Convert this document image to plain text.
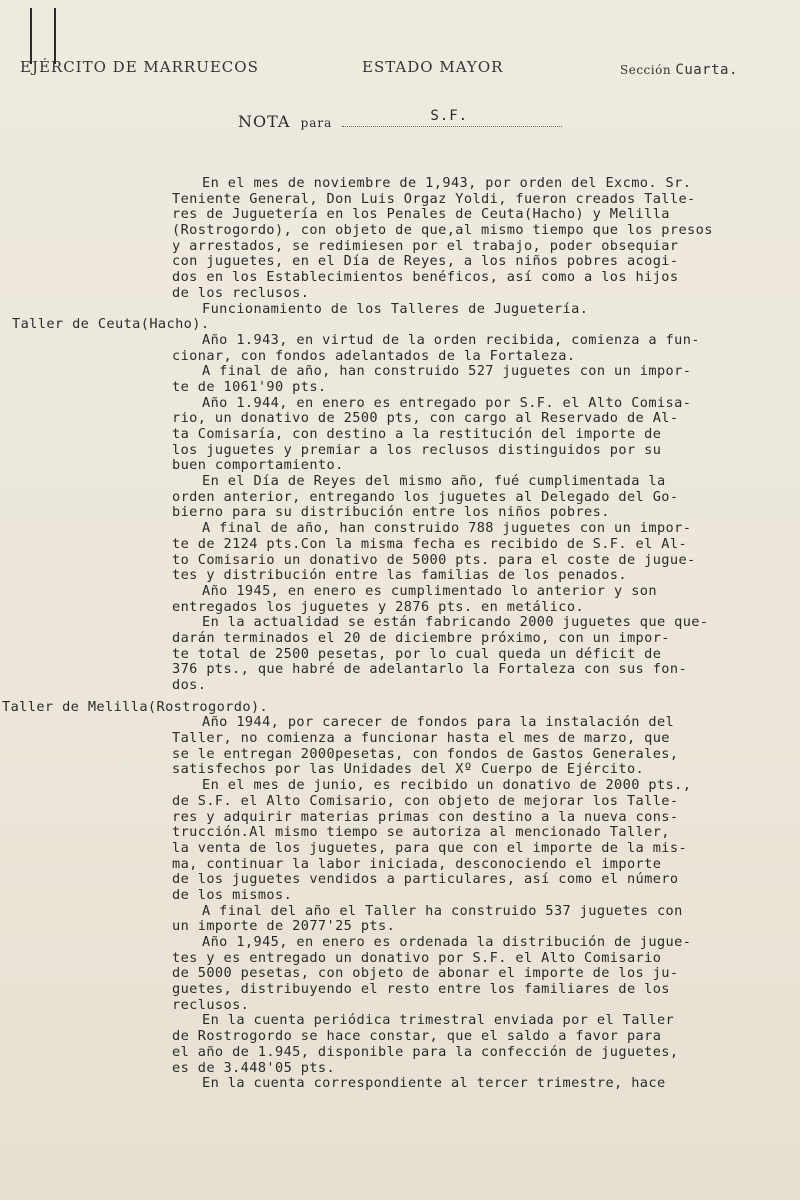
EJÉRCITO DE MARRUECOS	ESTADO MAYOR	Sección Cuarta.
NOTA para	S.F.
En el mes de noviembre de 1,943, por orden del Excmo. Sr.
Teniente General, Don Luis Orgaz Yoldi, fueron creados Talle-
res de Juguetería en los Penales de Ceuta(Hacho) y Melilla
(Rostrogordo), con objeto de que,al mismo tiempo que los presos
y arrestados, se redimiesen por el trabajo, poder obsequiar
con juguetes, en el Día de Reyes, a los niños pobres acogi-
dos en los Establecimientos benéficos, así como a los hijos
de los reclusos.
Funcionamiento de los Talleres de Juguetería.
Taller de Ceuta(Hacho).
Año 1.943, en virtud de la orden recibida, comienza a fun-
cionar, con fondos adelantados de la Fortaleza.
A final de año, han construido 527 juguetes con un impor-
te de 1061'90 pts.
Año 1.944, en enero es entregado por S.F. el Alto Comisa-
rio, un donativo de 2500 pts, con cargo al Reservado de Al-
ta Comisaría, con destino a la restitución del importe de
los juguetes y premiar a los reclusos distinguidos por su
buen comportamiento.
En el Día de Reyes del mismo año, fué cumplimentada la
orden anterior, entregando los juguetes al Delegado del Go-
bierno para su distribución entre los niños pobres.
A final de año, han construido 788 juguetes con un impor-
te de 2124 pts.Con la misma fecha es recibido de S.F. el Al-
to Comisario un donativo de 5000 pts. para el coste de jugue-
tes y distribución entre las familias de los penados.
Año 1945, en enero es cumplimentado lo anterior y son
entregados los juguetes y 2876 pts. en metálico.
En la actualidad se están fabricando 2000 juguetes que que-
darán terminados el 20 de diciembre próximo, con un impor-
te total de 2500 pesetas, por lo cual queda un déficit de
376 pts., que habré de adelantarlo la Fortaleza con sus fon-
dos.
Taller de Melilla(Rostrogordo).
Año 1944, por carecer de fondos para la instalación del
Taller, no comienza a funcionar hasta el mes de marzo, que
se le entregan 2000pesetas, con fondos de Gastos Generales,
satisfechos por las Unidades del Xº Cuerpo de Ejército.
En el mes de junio, es recibido un donativo de 2000 pts.,
de S.F. el Alto Comisario, con objeto de mejorar los Talle-
res y adquirir materias primas con destino a la nueva cons-
trucción.Al mismo tiempo se autoriza al mencionado Taller,
la venta de los juguetes, para que con el importe de la mis-
ma, continuar la labor iniciada, desconociendo el importe
de los juguetes vendidos a particulares, así como el número
de los mismos.
A final del año el Taller ha construido 537 juguetes con
un importe de 2077'25 pts.
Año 1,945, en enero es ordenada la distribución de jugue-
tes y es entregado un donativo por S.F. el Alto Comisario
de 5000 pesetas, con objeto de abonar el importe de los ju-
guetes, distribuyendo el resto entre los familiares de los
reclusos.
En la cuenta periódica trimestral enviada por el Taller
de Rostrogordo se hace constar, que el saldo a favor para
el año de 1.945, disponible para la confección de juguetes,
es de 3.448'05 pts.
En la cuenta correspondiente al tercer trimestre, hace
